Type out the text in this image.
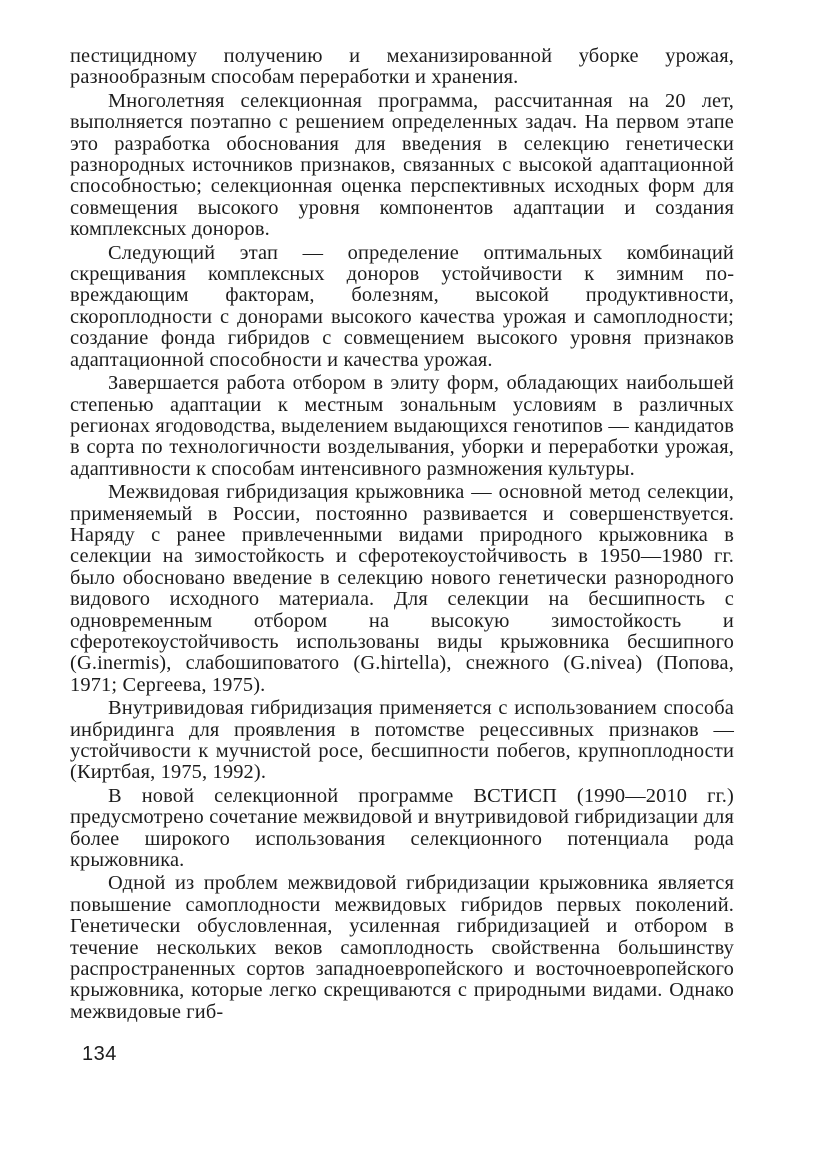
пестицидному получению и механизированной уборке урожая, разнообразным способам переработки и хранения.

Многолетняя селекционная программа, рассчитанная на 20 лет, выполняется поэтапно с решением определенных задач. На первом этапе это разработка обоснования для введения в селекцию генетически разнородных источников признаков, связанных с высокой адаптационной способностью; селекционная оценка перспективных исходных форм для совмещения высокого уровня компонентов адаптации и создания комплексных доноров.

Следующий этап — определение оптимальных комбинаций скрещивания комплексных доноров устойчивости к зимним повреждающим факторам, болезням, высокой продуктивности, скороплодности с донорами высокого качества урожая и самоплодности; создание фонда гибридов с совмещением высокого уровня признаков адаптационной способности и качества урожая.

Завершается работа отбором в элиту форм, обладающих наибольшей степенью адаптации к местным зональным условиям в различных регионах ягодоводства, выделением выдающихся генотипов — кандидатов в сорта по технологичности возделывания, уборки и переработки урожая, адаптивности к способам интенсивного размножения культуры.

Межвидовая гибридизация крыжовника — основной метод селекции, применяемый в России, постоянно развивается и совершенствуется. Наряду с ранее привлеченными видами природного крыжовника в селекции на зимостойкость и сферотекоустойчивость в 1950—1980 гг. было обосновано введение в селекцию нового генетически разнородного видового исходного материала. Для селекции на бесшипность с одновременным отбором на высокую зимостойкость и сферотекоустойчивость использованы виды крыжовника бесшипного (G.inermis), слабошиповатого (G.hirtella), снежного (G.nivea) (Попова, 1971; Сергеева, 1975).

Внутривидовая гибридизация применяется с использованием способа инбридинга для проявления в потомстве рецессивных признаков — устойчивости к мучнистой росе, бесшипности побегов, крупноплодности (Киртбая, 1975, 1992).

В новой селекционной программе ВСТИСП (1990—2010 гг.) предусмотрено сочетание межвидовой и внутривидовой гибридизации для более широкого использования селекционного потенциала рода крыжовника.

Одной из проблем межвидовой гибридизации крыжовника является повышение самоплодности межвидовых гибридов первых поколений. Генетически обусловленная, усиленная гибридизацией и отбором в течение нескольких веков самоплодность свойственна большинству распространенных сортов западноевропейского и восточноевропейского крыжовника, которые легко скрещиваются с природными видами. Однако межвидовые гиб-

134
